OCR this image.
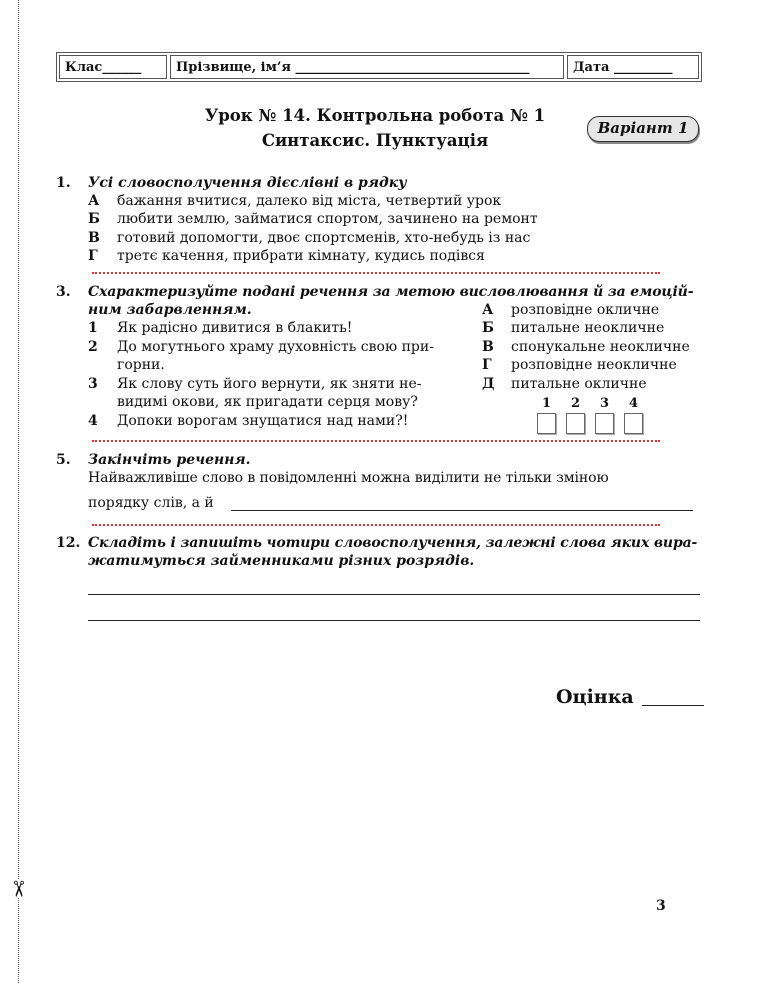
✂
Клас______	Прізвище, ім’я ____________________________________	Дата _________
Урок № 14. Контрольна робота № 1
Синтаксис. Пунктуація
Варіант 1
1. Усі словосполучення дієслівні в рядку
А бажання вчитися, далеко від міста, четвертий урок
Б любити землю, займатися спортом, зачинено на ремонт
В готовий допомогти, двоє спортсменів, хто-небудь із нас
Г третє качення, прибрати кімнату, кудись подівся
3. Схарактеризуйте подані речення за метою висловлювання й за емоцій-
ним забарвленням.
1 Як радісно дивитися в блакить!
2 До могутнього храму духовність свою при-
горни.
3 Як слову суть його вернути, як зняти не-
видимі окови, як пригадати серця мову?
4 Допоки ворогам знущатися над нами?!
А розповідне окличне
Б питальне неокличне
В спонукальне неокличне
Г розповідне неокличне
Д питальне окличне
1 2 3 4
5. Закінчіть речення.
Найважливіше слово в повідомленні можна виділити не тільки зміною
порядку слів, а й
12. Складіть і запишіть чотири словосполучення, залежні слова яких вира-
жатимуться займенниками різних розрядів.
Оцінка
3
